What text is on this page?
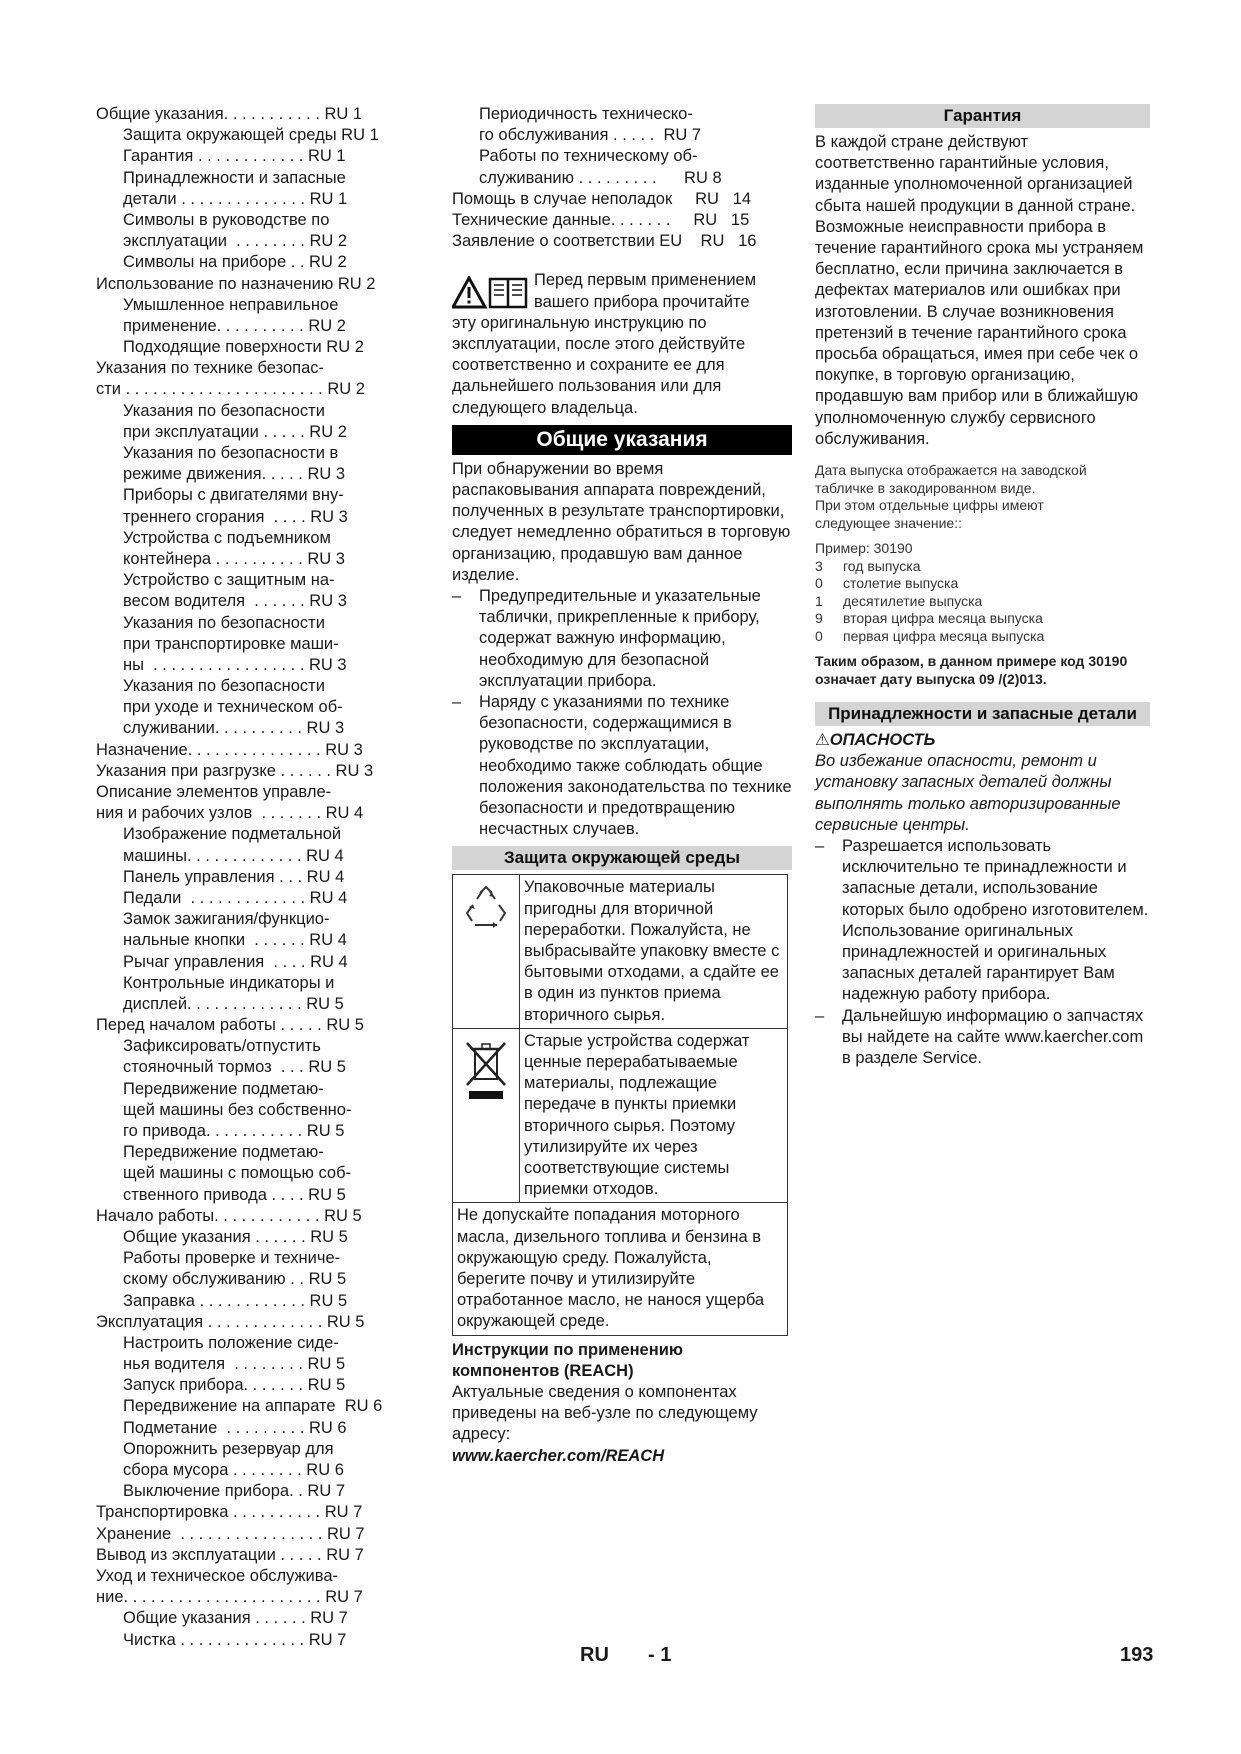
Общие указания. . . . . . . . . . . RU 1
Защита окружающей среды RU 1
Гарантия . . . . . . . . . . . . RU 1
Принадлежности и запасные
детали . . . . . . . . . . . . . . RU 1
Символы в руководстве по
эксплуатации  . . . . . . . . RU 2
Символы на приборе . . RU 2
Использование по назначению RU 2
Умышленное неправильное
применение. . . . . . . . . . RU 2
Подходящие поверхности RU 2
Указания по технике безопас-
сти . . . . . . . . . . . . . . . . . . . . . . RU 2
Указания по безопасности
при эксплуатации . . . . . RU 2
Указания по безопасности в
режиме движения. . . . . RU 3
Приборы с двигателями вну-
треннего сгорания  . . . . RU 3
Устройства с подъемником
контейнера . . . . . . . . . . RU 3
Устройство с защитным на-
весом водителя  . . . . . . RU 3
Указания по безопасности
при транспортировке маши-
ны  . . . . . . . . . . . . . . . . . RU 3
Указания по безопасности
при уходе и техническом об-
служивании. . . . . . . . . . RU 3
Назначение. . . . . . . . . . . . . . . RU 3
Указания при разгрузке . . . . . . RU 3
Описание элементов управле-
ния и рабочих узлов  . . . . . . . RU 4
Изображение подметальной
машины. . . . . . . . . . . . . RU 4
Панель управления . . . RU 4
Педали  . . . . . . . . . . . . . RU 4
Замок зажигания/функцио-
нальные кнопки  . . . . . . RU 4
Рычаг управления  . . . . RU 4
Контрольные индикаторы и
дисплей. . . . . . . . . . . . . RU 5
Перед началом работы . . . . . RU 5
Зафиксировать/отпустить
стояночный тормоз  . . . RU 5
Передвижение подметаю-
щей машины без собственно-
го привода. . . . . . . . . . . RU 5
Передвижение подметаю-
щей машины с помощью соб-
ственного привода . . . . RU 5
Начало работы. . . . . . . . . . . . RU 5
Общие указания . . . . . . RU 5
Работы проверке и техниче-
скому обслуживанию . . RU 5
Заправка . . . . . . . . . . . . RU 5
Эксплуатация . . . . . . . . . . . . . RU 5
Настроить положение сиде-
нья водителя  . . . . . . . . RU 5
Запуск прибора. . . . . . . RU 5
Передвижение на аппарате  RU 6
Подметание  . . . . . . . . . RU 6
Опорожнить резервуар для
сбора мусора . . . . . . . . RU 6
Выключение прибора. . RU 7
Транспортировка . . . . . . . . . . RU 7
Хранение  . . . . . . . . . . . . . . . . RU 7
Вывод из эксплуатации . . . . . RU 7
Уход и техническое обслужива-
ние. . . . . . . . . . . . . . . . . . . . . . RU 7
Общие указания . . . . . . RU 7
Чистка . . . . . . . . . . . . . . RU 7
Периодичность техническо-
го обслуживания . . . . .  RU 7
Работы по техническому об-
служиванию . . . . . . . . .      RU 8
Помощь в случае неполадок     RU   14
Технические данные. . . . . . .     RU   15
Заявление о соответствии EU    RU   16

Перед первым применением

вашего прибора прочитайте

эту оригинальную инструкцию по эксплуатации, после этого действуйте соответственно и сохраните ее для дальнейшего пользования или для следующего владельца.

Общие указания

При обнаружении во время распаковывания аппарата повреждений, полученных в результате транспортировки, следует немедленно обратиться в торговую организацию, продавшую вам данное изделие.

– Предупредительные и указательные таблички, прикрепленные к прибору, содержат важную информацию, необходимую для безопасной эксплуатации прибора.

– Наряду с указаниями по технике безопасности, содержащимися в руководстве по эксплуатации, необходимо также соблюдать общие положения законодательства по технике безопасности и предотвращению несчастных случаев.

Защита окружающей среды
	Упаковочные материалы пригодны для вторичной переработки. Пожалуйста, не выбрасывайте упаковку вместе с бытовыми отходами, а сдайте ее в один из пунктов приема вторичного сырья.
	Старые устройства содержат ценные перерабатываемые материалы, подлежащие передаче в пункты приемки вторичного сырья. Поэтому утилизируйте их через соответствующие системы приемки отходов.
Не допускайте попадания моторного масла, дизельного топлива и бензина в окружающую среду. Пожалуйста, берегите почву и утилизируйте отработанное масло, не нанося ущерба окружающей среде.	

Инструкции по применению компонентов (REACH)

Актуальные сведения о компонентах приведены на веб-узле по следующему адресу:

www.kaercher.com/REACH

Гарантия

В каждой стране действуют соответственно гарантийные условия, изданные уполномоченной организацией сбыта нашей продукции в данной стране. Возможные неисправности прибора в течение гарантийного срока мы устраняем бесплатно, если причина заключается в дефектах материалов или ошибках при изготовлении. В случае возникновения претензий в течение гарантийного срока просьба обращаться, имея при себе чек о покупке, в торговую организацию, продавшую вам прибор или в ближайшую уполномоченную службу сервисного обслуживания.

Дата выпуска отображается на заводской
табличке в закодированном виде.
При этом отдельные цифры имеют
следующее значение::
Пример: 30190
3 год выпуска
0 столетие выпуска
1 десятилетие выпуска
9 вторая цифра месяца выпуска
0 первая цифра месяца выпуска

Таким образом, в данном примере код 30190 означает дату выпуска 09 /(2)013.

Принадлежности и запасные детали

⚠ОПАСНОСТЬ

Во избежание опасности, ремонт и установку запасных деталей должны выполнять только авторизированные сервисные центры.

– Разрешается использовать исключительно те принадлежности и запасные детали, использование которых было одобрено изготовителем. Использование оригинальных принадлежностей и оригинальных запасных деталей гарантирует Вам надежную работу прибора.

– Дальнейшую информацию о запчастях вы найдете на сайте www.kaercher.com в разделе Service.

RU - 1	193
